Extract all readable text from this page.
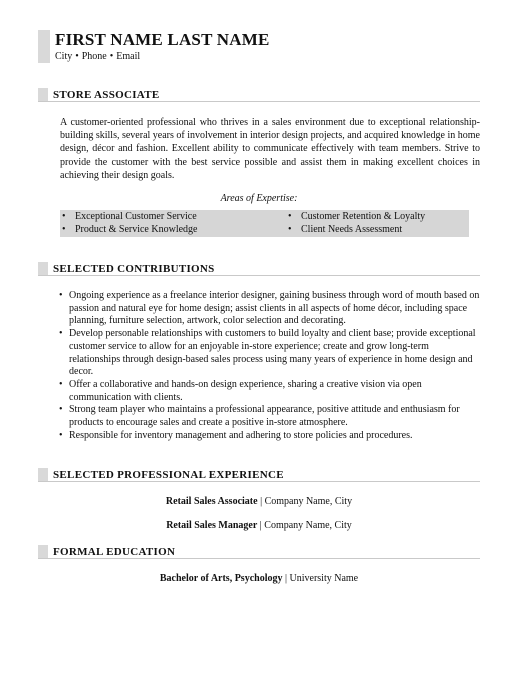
FIRST NAME LAST NAME
City • Phone • Email
STORE ASSOCIATE

A customer-oriented professional who thrives in a sales environment due to exceptional relationship-building skills, several years of involvement in interior design projects, and acquired knowledge in home design, décor and fashion. Excellent ability to communicate effectively with team members. Strive to provide the customer with the best service possible and assist them in making excellent choices in achieving their design goals.

Areas of Expertise:
• Exceptional Customer Service	• Customer Retention & Loyalty
• Product & Service Knowledge	• Client Needs Assessment
SELECTED CONTRIBUTIONS
• Ongoing experience as a freelance interior designer, gaining business through word of mouth based on passion and natural eye for home design; assist clients in all aspects of home décor, including space planning, furniture selection, artwork, color selection and decorating.
• Develop personable relationships with customers to build loyalty and client base; provide exceptional customer service to allow for an enjoyable in-store experience; create and grow long-term relationships through design-based sales process using many years of experience in home design and decor.
• Offer a collaborative and hands-on design experience, sharing a creative vision via open communication with clients.
• Strong team player who maintains a professional appearance, positive attitude and enthusiasm for products to encourage sales and create a positive in-store atmosphere.
• Responsible for inventory management and adhering to store policies and procedures.
SELECTED PROFESSIONAL EXPERIENCE
Retail Sales Associate | Company Name, City
Retail Sales Manager | Company Name, City
FORMAL EDUCATION
Bachelor of Arts, Psychology | University Name
